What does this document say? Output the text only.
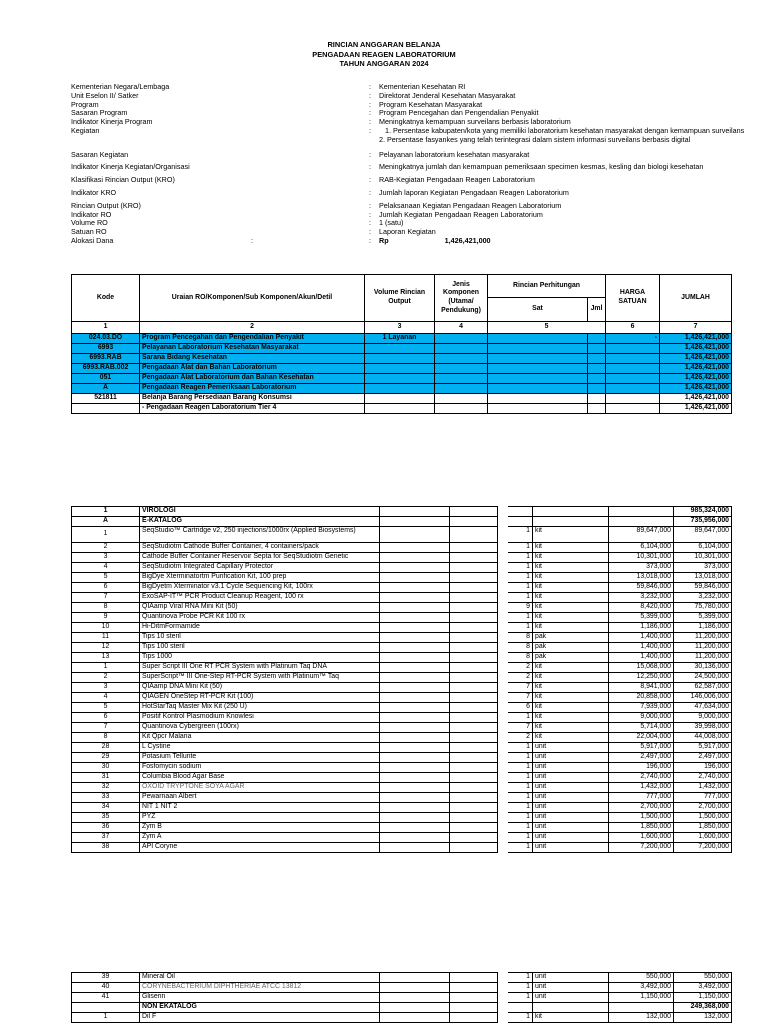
RINCIAN ANGGARAN BELANJA
PENGADAAN REAGEN LABORATORIUM
TAHUN ANGGARAN 2024
Kementerian Negara/Lembaga	:	Kementerian Kesehatan RI
Unit Eselon II/ Satker	:	Direktorat Jenderal Kesehatan Masyarakat
Program	:	Program Kesehatan Masyarakat
Sasaran Program	:	Program Pencegahan dan Pengendalian Penyakit
Indikator Kinerja Program	:	Meningkatnya kemampuan surveilans berbasis laboratorium
Kegiatan	:	1. Persentase kabupaten/kota yang memiliki laboratorium kesehatan masyarakat dengan kemampuan surveilans
2. Persentase fasyankes yang telah terintegrasi dalam sistem informasi surveilans berbasis digital
Sasaran Kegiatan	:	Pelayanan laboratorium kesehatan masyarakat
Indikator Kinerja Kegiatan/Organisasi	:	Meningkatnya jumlah dan kemampuan pemeriksaan specimen kesmas, kesling dan biologi kesehatan
Klasifikasi Rincian Output (KRO)	:	RAB-Kegiatan Pengadaan Reagen Laboratorium
Indikator KRO	:	Jumlah laporan Kegiatan Pengadaan Reagen Laboratorium
Rincian Output (KRO)	:	Pelaksanaan Kegiatan Pengadaan Reagen Laboratorium
Indikator RO	:	Jumlah Kegiatan Pengadaan Reagen Laboratorium
Volume RO	:	1 (satu)
Satuan RO	:	Laporan Kegiatan
Alokasi Dana	:	:	Rp	1,426,421,000
Kode	Uraian RO/Komponen/Sub Komponen/Akun/Detil	Volume Rincian Output	Jenis Komponen (Utama/ Pendukung)	Rincian Perhitungan		HARGA SATUAN	JUMLAH
				Sat	Jml		
1	2	3	4	5		6	7
024.03.DO	Program Pencegahan dan Pengendalian Penyakit	1 Layanan				-	1,426,421,000
6993	Pelayanan Laboratorium Kesehatan Masyarakat						1,426,421,000
6993.RAB	Sarana Bidang Kesehatan						1,426,421,000
6993.RAB.002	Pengadaan Alat dan Bahan Laboratorium						1,426,421,000
051	Pengadaan Alat Laboratorium dan Bahan Kesehatan						1,426,421,000
A	Pengadaan Reagen Pemeriksaan Laboratorium						1,426,421,000
521811	Belanja Barang Persediaan Barang Konsumsi						1,426,421,000
	- Pengadaan Reagen Laboratorium Tier 4						1,426,421,000
1	VIROLOGI							985,324,000
A	E-KATALOG							735,956,000
1	SeqStudio™ Cartridge v2, 250 injections/1000rx (Applied Biosystems)				1	kit	89,647,000	89,647,000
2	SeqStudiotm Cathode Buffer Container, 4 containers/pack				1	kit	6,104,000	6,104,000
3	Cathode Buffer Container Reservoir Septa for SeqStudiotm Genetic				1	kit	10,301,000	10,301,000
4	SeqStudiotm Integrated Capillary Protector				1	kit	373,000	373,000
5	BigDye Xterminatortm Purification Kit, 100 prep				1	kit	13,018,000	13,018,000
6	BigDyetm Xterminator v3.1 Cycle Sequencing Kit, 100rx				1	kit	59,846,000	59,846,000
7	ExoSAP-IT™ PCR Product Cleanup Reagent, 100 rx				1	kit	3,232,000	3,232,000
8	QIAamp Viral RNA Mini Kit (50)				9	kit	8,420,000	75,780,000
9	Quantinova Probe PCR Kit 100 rx				1	kit	5,399,000	5,399,000
10	Hi-DitmFormamide				1	kit	1,186,000	1,186,000
11	Tips 10 steril				8	pak	1,400,000	11,200,000
12	Tips 100 steril				8	pak	1,400,000	11,200,000
13	Tips 1000				8	pak	1,400,000	11,200,000
1	Super Script III One RT PCR System with Platinum Taq DNA				2	kit	15,068,000	30,136,000
2	SuperScript™ III One-Step RT-PCR System with Platinum™ Taq				2	kit	12,250,000	24,500,000
3	QIAamp DNA Mini Kit (50)				7	kit	8,941,000	62,587,000
4	QIAGEN OneStep RT-PCR Kit (100)				7	kit	20,858,000	146,006,000
5	HotStarTaq Master Mix Kit (250 U)				6	kit	7,939,000	47,634,000
6	Positif Kontrol Plasmodium Knowlesi				1	kit	9,000,000	9,000,000
7	Quantinova Cybergreen (100rx)				7	kit	5,714,000	39,998,000
8	Kit Qpcr Malaria				2	kit	22,004,000	44,008,000
28	L Cystine				1	unit	5,917,000	5,917,000
29	Potasium Tellurite				1	unit	2,497,000	2,497,000
30	Fosfomycin sodium				1	unit	196,000	196,000
31	Columbia Blood Agar Base				1	unit	2,740,000	2,740,000
32	OXOID TRYPTONE SOYA AGAR				1	unit	1,432,000	1,432,000
33	Pewarnaan Albert				1	unit	777,000	777,000
34	NIT 1 NIT 2				1	unit	2,700,000	2,700,000
35	PYZ				1	unit	1,500,000	1,500,000
36	Zym B				1	unit	1,850,000	1,850,000
37	Zym A				1	unit	1,600,000	1,600,000
38	API Coryne				1	unit	7,200,000	7,200,000
39	Mineral Oil				1	unit	550,000	550,000
40	CORYNEBACTERIUM DIPHTHERIAE ATCC 13812				1	unit	3,492,000	3,492,000
41	Gliserin				1	unit	1,150,000	1,150,000
	NON EKATALOG							249,368,000
1	Dil F				1	kit	132,000	132,000
